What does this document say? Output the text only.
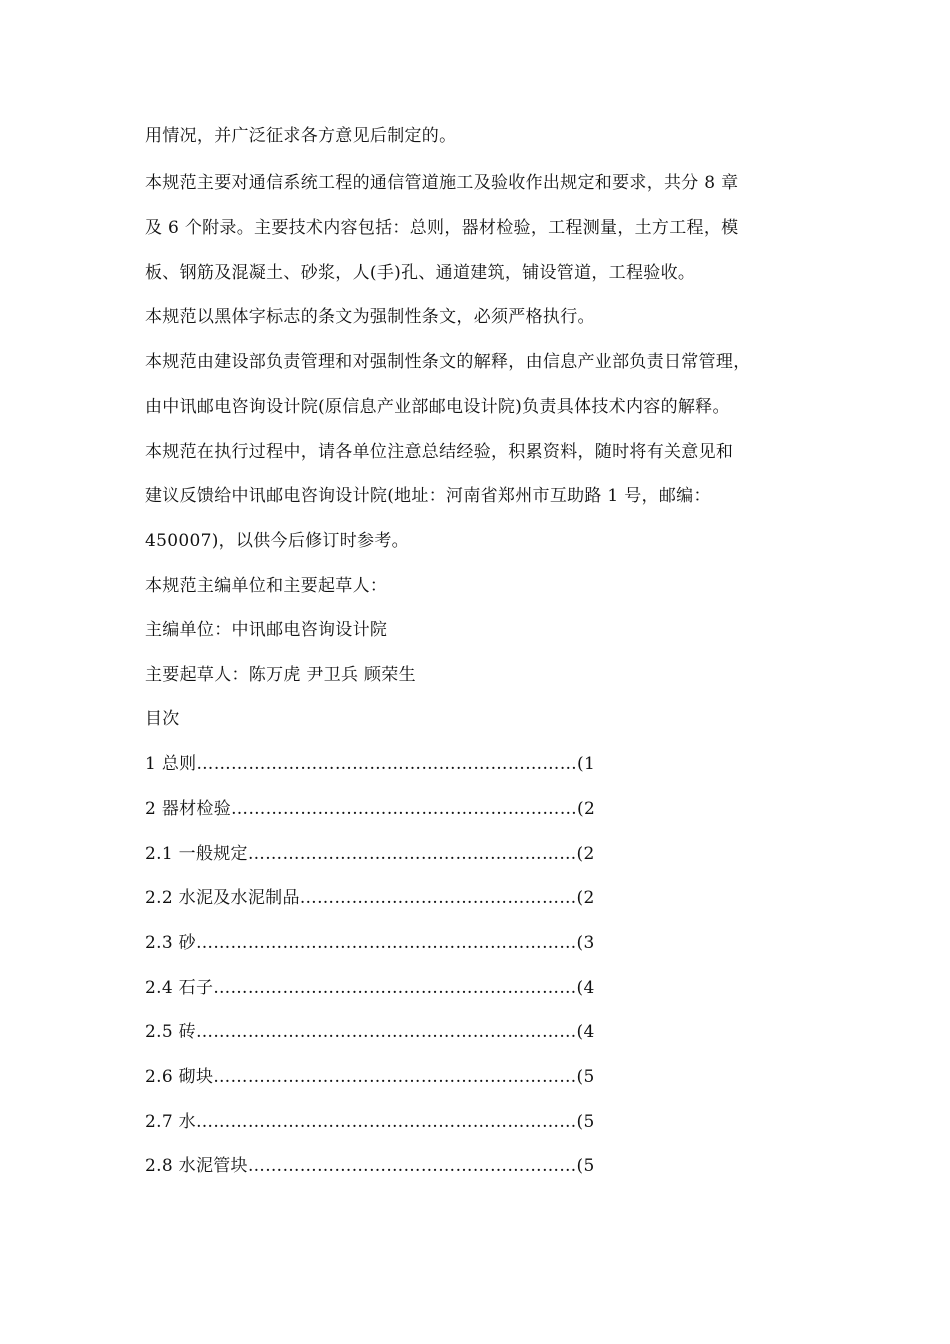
用情况，并广泛征求各方意见后制定的。
本规范主要对通信系统工程的通信管道施工及验收作出规定和要求，共分 8 章
及 6 个附录。主要技术内容包括：总则，器材检验，工程测量，土方工程，模
板、钢筋及混凝土、砂浆，人(手)孔、通道建筑，铺设管道，工程验收。
本规范以黑体字标志的条文为强制性条文，必须严格执行。
本规范由建设部负责管理和对强制性条文的解释，由信息产业部负责日常管理，
由中讯邮电咨询设计院(原信息产业部邮电设计院)负责具体技术内容的解释。
本规范在执行过程中，请各单位注意总结经验，积累资料，随时将有关意见和
建议反馈给中讯邮电咨询设计院(地址：河南省郑州市互助路 1 号，邮编：
450007)，以供今后修订时参考。
本规范主编单位和主要起草人：
主编单位：中讯邮电咨询设计院
主要起草人：陈万虎 尹卫兵 顾荣生
目次
1 总则…………………………………………………………(1
2 器材检验……………………………………………………(2
2.1 一般规定…………………………………………………(2
2.2 水泥及水泥制品…………………………………………(2
2.3 砂…………………………………………………………(3
2.4 石子………………………………………………………(4
2.5 砖…………………………………………………………(4
2.6 砌块………………………………………………………(5
2.7 水…………………………………………………………(5
2.8 水泥管块…………………………………………………(5
